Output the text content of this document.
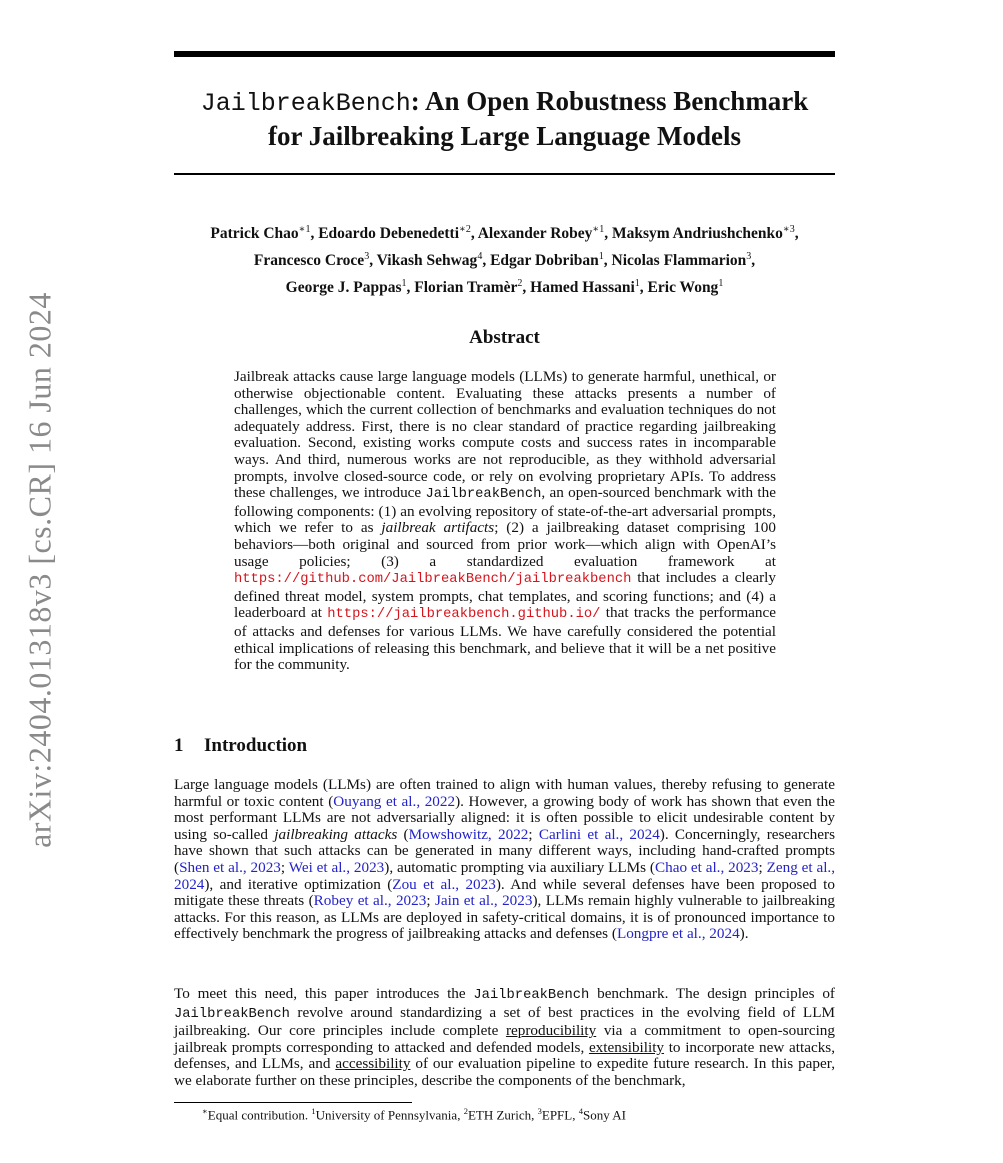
arXiv:2404.01318v3 [cs.CR] 16 Jun 2024
JailbreakBench: An Open Robustness Benchmark
for Jailbreaking Large Language Models
Patrick Chao$^{∗1}$, Edoardo Debenedetti$^{∗2}$, Alexander Robey$^{∗1}$, Maksym Andriushchenko$^{∗3}$,
Francesco Croce$^3$, Vikash Sehwag$^4$, Edgar Dobriban$^1$, Nicolas Flammarion$^3$,
George J. Pappas$^1$, Florian Tramèr$^2$, Hamed Hassani$^1$, Eric Wong$^1$
Abstract
Jailbreak attacks cause large language models (LLMs) to generate harmful, unethical, or otherwise objectionable content. Evaluating these attacks presents a number of challenges, which the current collection of benchmarks and evaluation techniques do not adequately address. First, there is no clear standard of practice regarding jailbreaking evaluation. Second, existing works compute costs and success rates in incomparable ways. And third, numerous works are not reproducible, as they withhold adversarial prompts, involve closed-source code, or rely on evolving proprietary APIs. To address these challenges, we introduce JailbreakBench, an open-sourced benchmark with the following components: (1) an evolving repository of state-of-the-art adversarial prompts, which we refer to as jailbreak artifacts; (2) a jailbreaking dataset comprising 100 behaviors—both original and sourced from prior work—which align with OpenAI’s usage policies; (3) a standardized evaluation framework at https://github.com/JailbreakBench/jailbreakbench that includes a clearly defined threat model, system prompts, chat templates, and scoring functions; and (4) a leaderboard at https://jailbreakbench.github.io/ that tracks the performance of attacks and defenses for various LLMs. We have carefully considered the potential ethical implications of releasing this benchmark, and believe that it will be a net positive for the community.
1 Introduction

Large language models (LLMs) are often trained to align with human values, thereby refusing to generate harmful or toxic content (Ouyang et al., 2022). However, a growing body of work has shown that even the most performant LLMs are not adversarially aligned: it is often possible to elicit undesirable content by using so-called jailbreaking attacks (Mowshowitz, 2022; Carlini et al., 2024). Concerningly, researchers have shown that such attacks can be generated in many different ways, including hand-crafted prompts (Shen et al., 2023; Wei et al., 2023), automatic prompting via auxiliary LLMs (Chao et al., 2023; Zeng et al., 2024), and iterative optimization (Zou et al., 2023). And while several defenses have been proposed to mitigate these threats (Robey et al., 2023; Jain et al., 2023), LLMs remain highly vulnerable to jailbreaking attacks. For this reason, as LLMs are deployed in safety-critical domains, it is of pronounced importance to effectively benchmark the progress of jailbreaking attacks and defenses (Longpre et al., 2024).

To meet this need, this paper introduces the JailbreakBench benchmark. The design principles of JailbreakBench revolve around standardizing a set of best practices in the evolving field of LLM jailbreaking. Our core principles include complete reproducibility via a commitment to open-sourcing jailbreak prompts corresponding to attacked and defended models, extensibility to incorporate new attacks, defenses, and LLMs, and accessibility of our evaluation pipeline to expedite future research. In this paper, we elaborate further on these principles, describe the components of the benchmark,

∗Equal contribution. $^1$University of Pennsylvania, $^2$ETH Zurich, $^3$EPFL, $^4$Sony AI
